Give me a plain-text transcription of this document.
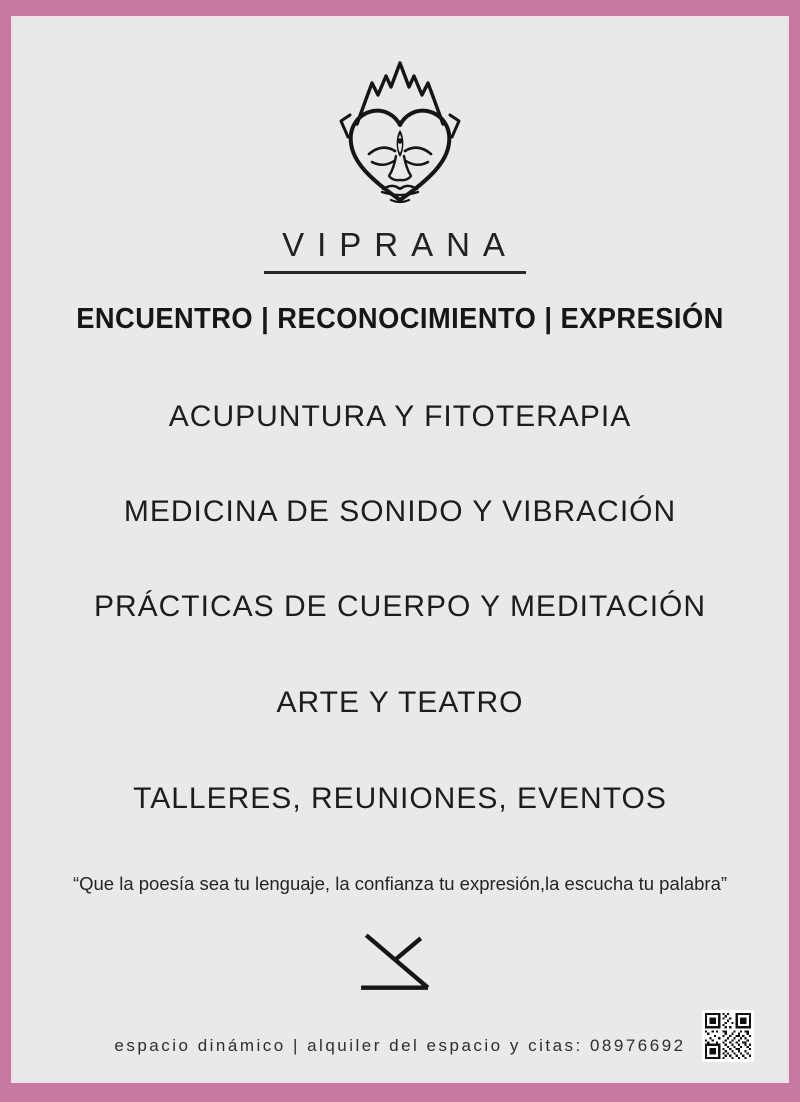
VIPRANA
ENCUENTRO | RECONOCIMIENTO | EXPRESIÓN
ACUPUNTURA Y FITOTERAPIA
MEDICINA DE SONIDO Y VIBRACIÓN
PRÁCTICAS DE CUERPO Y MEDITACIÓN
ARTE Y TEATRO
TALLERES, REUNIONES, EVENTOS
“Que la poesía sea tu lenguaje, la confianza tu expresión,la escucha tu palabra”
espacio dinámico | alquiler del espacio y citas: 08976692
